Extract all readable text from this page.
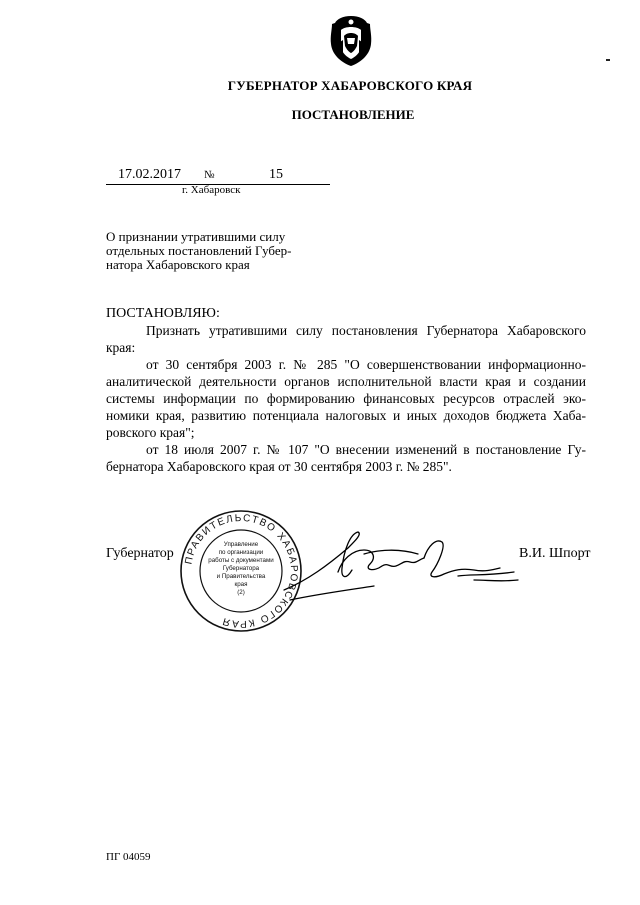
ГУБЕРНАТОР ХАБАРОВСКОГО КРАЯ
ПОСТАНОВЛЕНИЕ
17.02.2017 №	15
г. Хабаровск
О признании утратившими силу
отдельных постановлений Губер-
натора Хабаровского края
ПОСТАНОВЛЯЮ:
Признать утратившими силу постановления Губернатора Хабаровского
края:
от 30 сентября 2003 г. № 285 "О совершенствовании информационно-
аналитической деятельности органов исполнительной власти края и создании
системы информации по формированию финансовых ресурсов отраслей эко-
номики края, развитию потенциала налоговых и иных доходов бюджета Хаба-
ровского края";
от 18 июля 2007 г. № 107 "О внесении изменений в постановление Гу-
бернатора Хабаровского края от 30 сентября 2003 г. № 285".
Губернатор	В.И. Шпорт
ПРАВИТЕЛЬСТВО ХАБАРОВСКОГО КРАЯ
Управление
по организации
работы с документами
Губернатора
и Правительства
края
(2)
ПГ 04059
